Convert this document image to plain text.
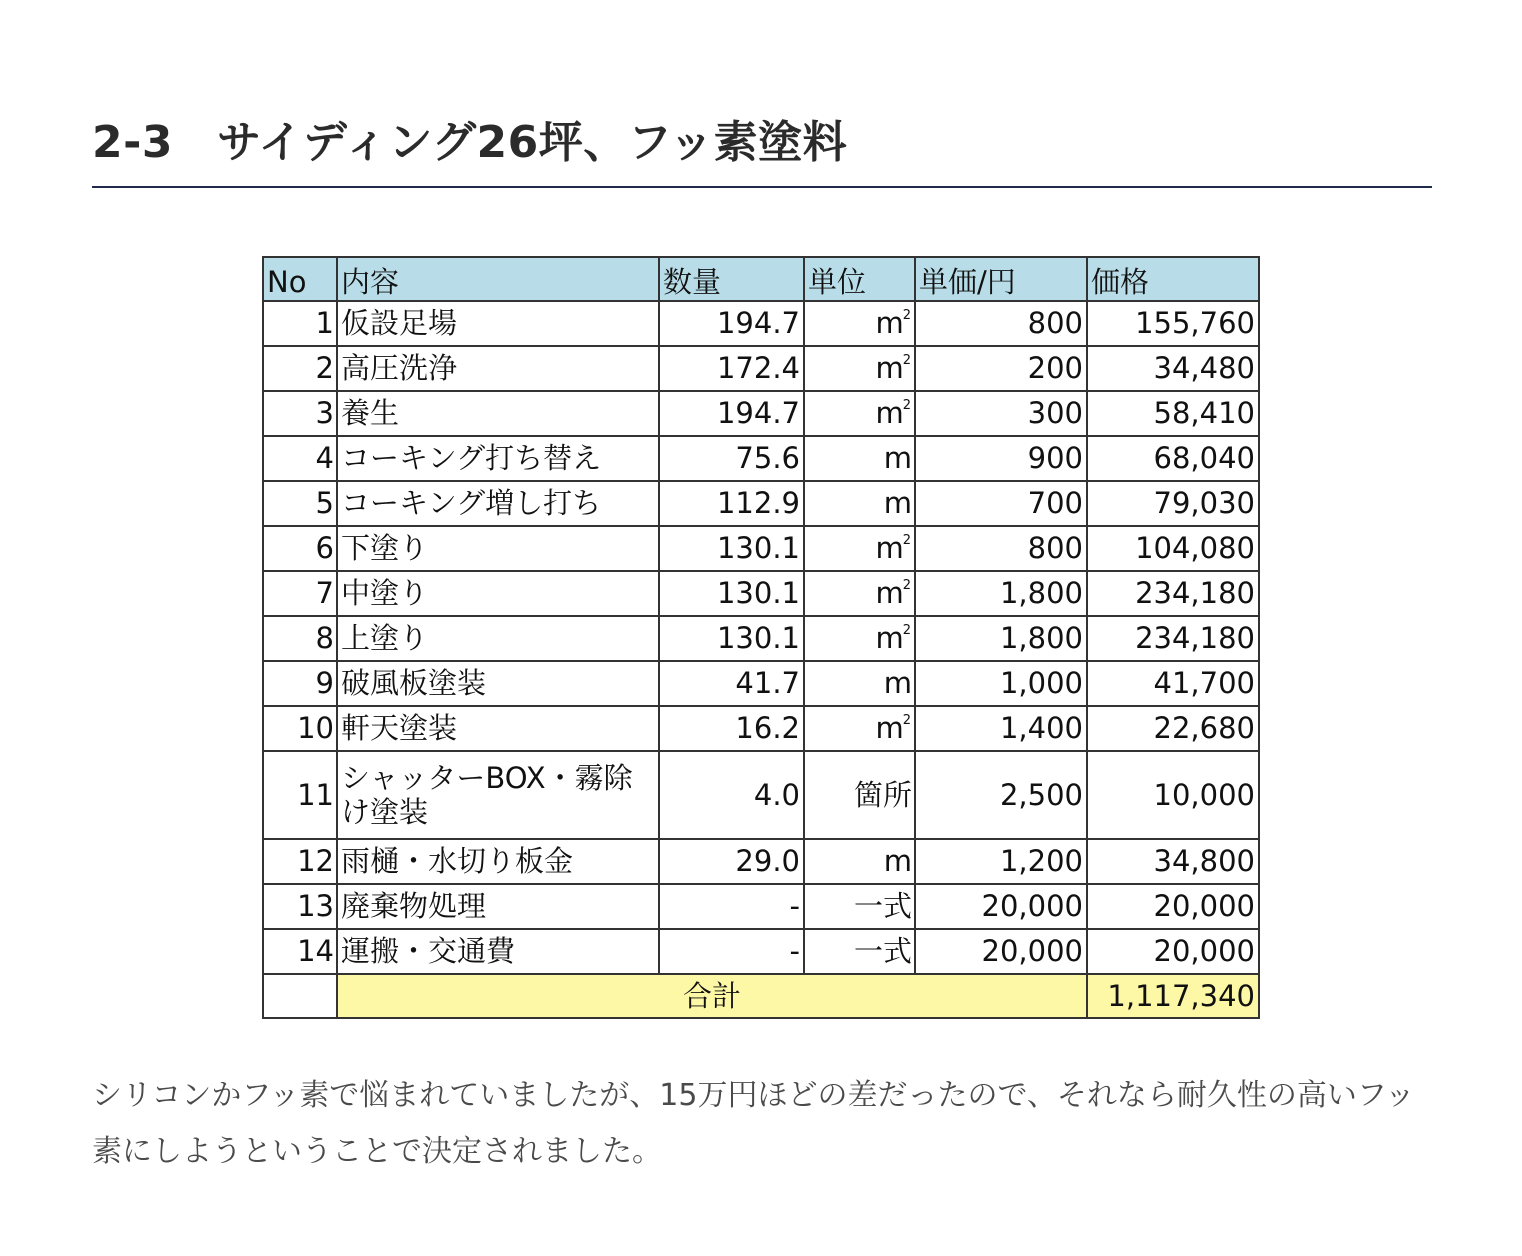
2-3 サイディング26坪、フッ素塗料
No	内容	数量	単位	単価/円	価格
1	仮設足場	194.7	$m^2$	800	155,760
2	高圧洗浄	172.4	$m^2$	200	34,480
3	養生	194.7	$m^2$	300	58,410
4	コーキング打ち替え	75.6	m	900	68,040
5	コーキング増し打ち	112.9	m	700	79,030
6	下塗り	130.1	$m^2$	800	104,080
7	中塗り	130.1	$m^2$	1,800	234,180
8	上塗り	130.1	$m^2$	1,800	234,180
9	破風板塗装	41.7	m	1,000	41,700
10	軒天塗装	16.2	$m^2$	1,400	22,680
11	シャッターBOX・霧除け塗装	4.0	箇所	2,500	10,000
12	雨樋・水切り板金	29.0	m	1,200	34,800
13	廃棄物処理	-	一式	20,000	20,000
14	運搬・交通費	-	一式	20,000	20,000
	合計				1,117,340

シリコンかフッ素で悩まれていましたが、15万円ほどの差だったので、それなら耐久性の高いフッ素にしようということで決定されました。
